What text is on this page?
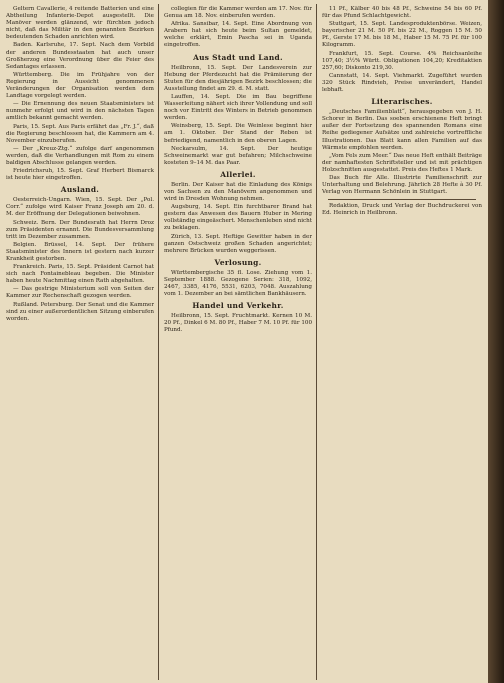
Geltern Cavallerie, 4 reitende Batterien und eine Abtheilung Infanterie-Depot ausgestellt. Die Manöver werden glänzend, wir fürchten jedoch nicht, daß das Militär in den genannten Bezirken bedeutenden Schaden anrichten wird.

Baden. Karlsruhe, 17. Sept. Nach dem Vorbild der anderen Bundesstaaten hat auch unser Großherzog eine Verordnung über die Feier des Sedantages erlassen.

Württemberg. Die im Frühjahre von der Regierung in Aussicht genommenen Veränderungen der Organisation werden dem Landtage vorgelegt werden.

— Die Ernennung des neuen Staatsministers ist nunmehr erfolgt und wird in den nächsten Tagen amtlich bekannt gemacht werden.

Paris, 15. Sept. Aus Paris erfährt das „Fr. J.“, daß die Regierung beschlossen hat, die Kammern am 4. November einzuberufen.

— Der „Kreuz-Ztg.“ zufolge darf angenommen werden, daß die Verhandlungen mit Rom zu einem baldigen Abschlusse gelangen werden.

Friedrichsruh, 15. Sept. Graf Herbert Bismarck ist heute hier eingetroffen.

Ausland.

Oesterreich-Ungarn. Wien, 15. Sept. Der „Pol. Corr.“ zufolge wird Kaiser Franz Joseph am 20. d. M. der Eröffnung der Delegationen beiwohnen.

Schweiz. Bern. Der Bundesrath hat Herrn Droz zum Präsidenten ernannt. Die Bundesversammlung tritt im Dezember zusammen.

Belgien. Brüssel, 14. Sept. Der frühere Staatsminister des Innern ist gestern nach kurzer Krankheit gestorben.

Frankreich. Paris, 15. Sept. Präsident Carnot hat sich nach Fontainebleau begeben. Die Minister haben heute Nachmittag einen Rath abgehalten.

— Das gestrige Ministerium soll von Seiten der Kammer zur Rechenschaft gezogen werden.

Rußland. Petersburg. Der Senat und die Kammer sind zu einer außerordentlichen Sitzung einberufen worden.

collegien für die Kammer werden am 17. Nov. für Genua am 18. Nov. einberufen werden.

Afrika. Sansibar, 14. Sept. Eine Abordnung von Arabern hat sich heute beim Sultan gemeldet, welche erklärt, Emin Pascha sei in Uganda eingetroffen.

Aus Stadt und Land.

Heilbronn, 15. Sept. Der Landesverein zur Hebung der Pferdezucht hat die Prämiierung der Stuten für den diesjährigen Bezirk beschlossen; die Ausstellung findet am 29. d. M. statt.

Lauffen, 14. Sept. Die im Bau begriffene Wasserleitung nähert sich ihrer Vollendung und soll noch vor Eintritt des Winters in Betrieb genommen werden.

Weinsberg, 15. Sept. Die Weinlese beginnt hier am 1. Oktober. Der Stand der Reben ist befriedigend, namentlich in den oberen Lagen.

Neckarsulm, 14. Sept. Der heutige Schweinemarkt war gut befahren; Milchschweine kosteten 9–14 M. das Paar.

Allerlei.

Berlin. Der Kaiser hat die Einladung des Königs von Sachsen zu den Manövern angenommen und wird in Dresden Wohnung nehmen.

Augsburg, 14. Sept. Ein furchtbarer Brand hat gestern das Anwesen des Bauern Huber in Mering vollständig eingeäschert. Menschenleben sind nicht zu beklagen.

Zürich, 13. Sept. Heftige Gewitter haben in der ganzen Ostschweiz großen Schaden angerichtet; mehrere Brücken wurden weggerissen.

Verlosung.

Württembergische 35 fl. Lose. Ziehung vom 1. September 1888. Gezogene Serien: 318, 1092, 2467, 3385, 4176, 5531, 6203, 7048. Auszahlung vom 1. Dezember an bei sämtlichen Bankhäusern.

Handel und Verkehr.

Heilbronn, 15. Sept. Fruchtmarkt. Kernen 10 M. 20 Pf., Dinkel 6 M. 80 Pf., Haber 7 M. 10 Pf. für 100 Pfund.

11 Pf., Kälber 40 bis 48 Pf., Schweine 54 bis 60 Pf. für das Pfund Schlachtgewicht.

Stuttgart, 15. Sept. Landesproduktenbörse. Weizen, bayerischer 21 M. 50 Pf. bis 22 M., Roggen 15 M. 50 Pf., Gerste 17 M. bis 18 M., Haber 15 M. 75 Pf. für 100 Kilogramm.

Frankfurt, 15. Sept. Course. 4% Reichsanleihe 107,40; 3½% Württ. Obligationen 104,20; Kreditaktien 257,60; Diskonto 219,30.

Cannstatt, 14. Sept. Viehmarkt. Zugeführt wurden 320 Stück Rindvieh, Preise unverändert, Handel lebhaft.

Literarisches.

„Deutsches Familienblatt“, herausgegeben von J. H. Schorer in Berlin. Das soeben erschienene Heft bringt außer der Fortsetzung des spannenden Romans eine Reihe gediegener Aufsätze und zahlreiche vortreffliche Illustrationen. Das Blatt kann allen Familien auf das Wärmste empfohlen werden.

„Vom Fels zum Meer.“ Das neue Heft enthält Beiträge der namhaftesten Schriftsteller und ist mit prächtigen Holzschnitten ausgestattet. Preis des Heftes 1 Mark.

Das Buch für Alle. Illustrirte Familienschrift zur Unterhaltung und Belehrung. Jährlich 28 Hefte à 30 Pf. Verlag von Hermann Schönlein in Stuttgart.

Redaktion, Druck und Verlag der Buchdruckerei von Ed. Heinrich in Heilbronn.
